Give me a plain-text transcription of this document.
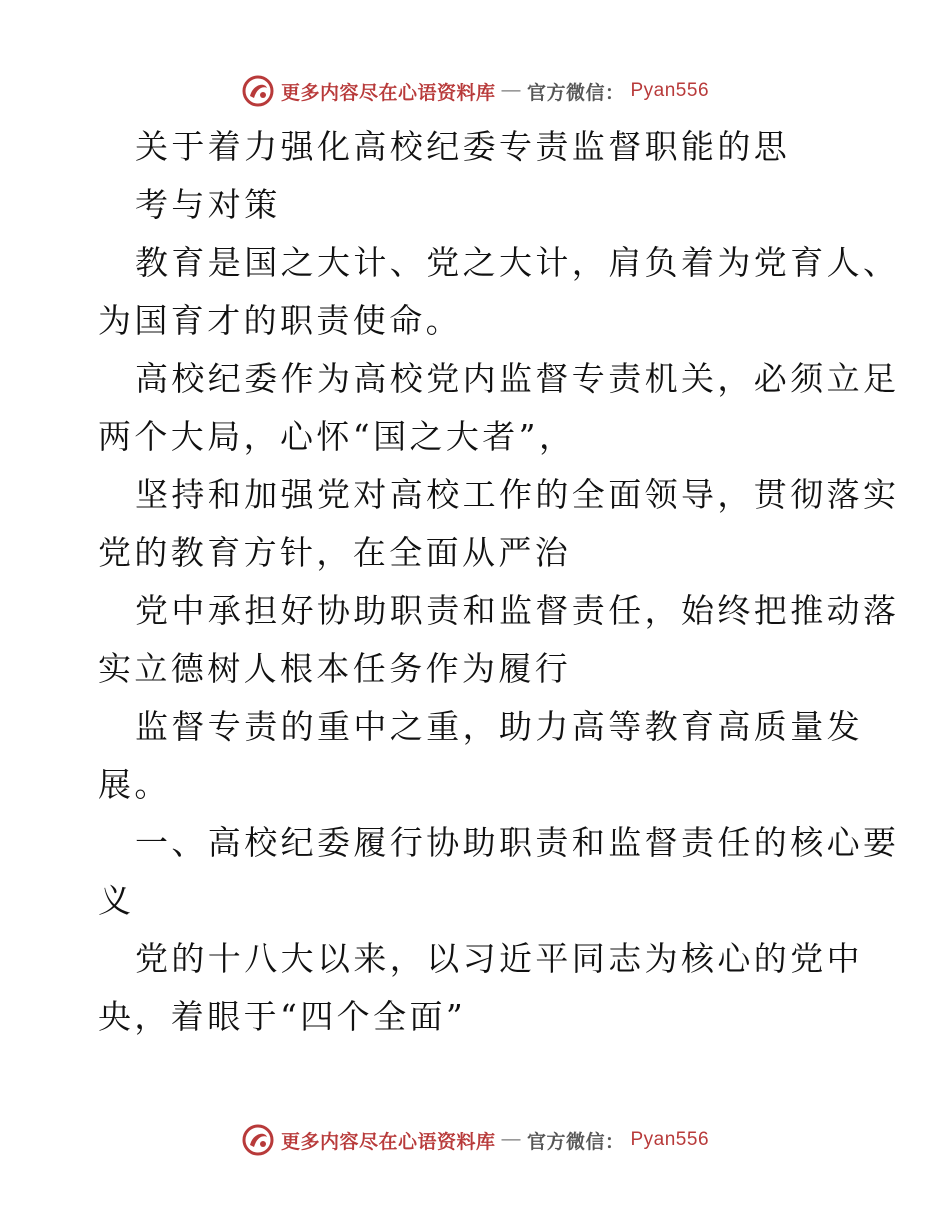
更多内容尽在心语资料库 — 官方微信： Pyan556
关于着力强化高校纪委专责监督职能的思
考与对策
教育是国之大计、党之大计，肩负着为党育人、
为国育才的职责使命。
高校纪委作为高校党内监督专责机关，必须立足
两个大局，心怀“国之大者”，
坚持和加强党对高校工作的全面领导，贯彻落实
党的教育方针，在全面从严治
党中承担好协助职责和监督责任，始终把推动落
实立德树人根本任务作为履行
监督专责的重中之重，助力高等教育高质量发
展。
一、高校纪委履行协助职责和监督责任的核心要
义
党的十八大以来，以习近平同志为核心的党中
央，着眼于“四个全面”
更多内容尽在心语资料库 — 官方微信： Pyan556
